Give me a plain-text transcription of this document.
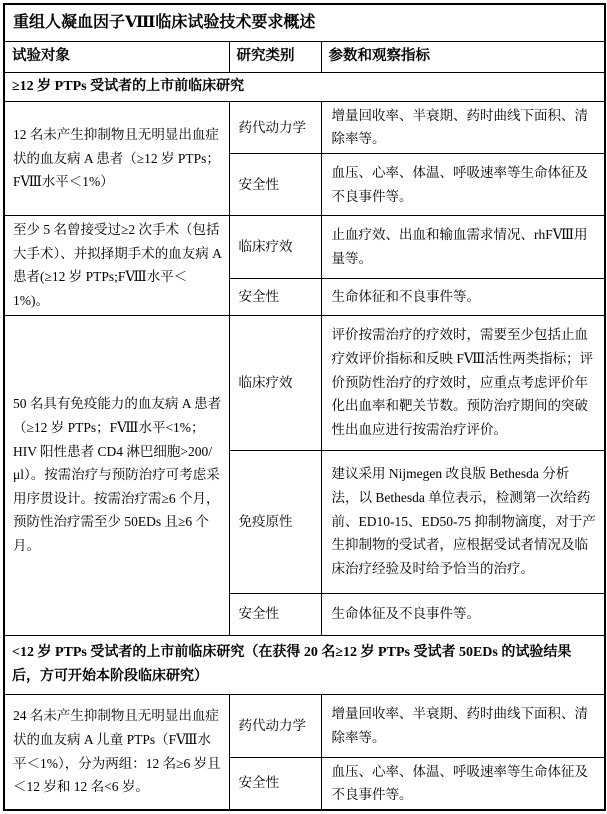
重组人凝血因子Ⅷ临床试验技术要求概述		
试验对象	研究类别	参数和观察指标
≥12 岁 PTPs 受试者的上市前临床研究		
12 名未产生抑制物且无明显出血症状的血友病 A 患者（≥12 岁 PTPs；FⅧ水平＜1%）	药代动力学	增量回收率、半衰期、药时曲线下面积、清除率等。
	安全性	血压、心率、体温、呼吸速率等生命体征及不良事件等。
至少 5 名曾接受过≥2 次手术（包括大手术）、并拟择期手术的血友病 A 患者(≥12 岁 PTPs;FⅧ水平＜1%)。	临床疗效	止血疗效、出血和输血需求情况、rhFⅧ用量等。
	安全性	生命体征和不良事件等。
50 名具有免疫能力的血友病 A 患者（≥12 岁 PTPs；FⅧ水平<1%；HIV 阳性患者 CD4 淋巴细胞>200/μl）。按需治疗与预防治疗可考虑采用序贯设计。按需治疗需≥6 个月，预防性治疗需至少 50EDs 且≥6 个月。	临床疗效	评价按需治疗的疗效时，需要至少包括止血疗效评价指标和反映 FⅧ活性两类指标；评价预防性治疗的疗效时，应重点考虑评价年化出血率和靶关节数。预防治疗期间的突破性出血应进行按需治疗评价。
	免疫原性	建议采用 Nijmegen 改良版 Bethesda 分析法，以 Bethesda 单位表示，检测第一次给药前、ED10-15、ED50-75 抑制物滴度，对于产生抑制物的受试者，应根据受试者情况及临床治疗经验及时给予恰当的治疗。
	安全性	生命体征及不良事件等。
<12 岁 PTPs 受试者的上市前临床研究（在获得 20 名≥12 岁 PTPs 受试者 50EDs 的试验结果后，方可开始本阶段临床研究）		
24 名未产生抑制物且无明显出血症状的血友病 A 儿童 PTPs（FⅧ水平＜1%），分为两组：12 名≥6 岁且＜12 岁和 12 名<6 岁。	药代动力学	增量回收率、半衰期、药时曲线下面积、清除率等。
	安全性	血压、心率、体温、呼吸速率等生命体征及不良事件等。
